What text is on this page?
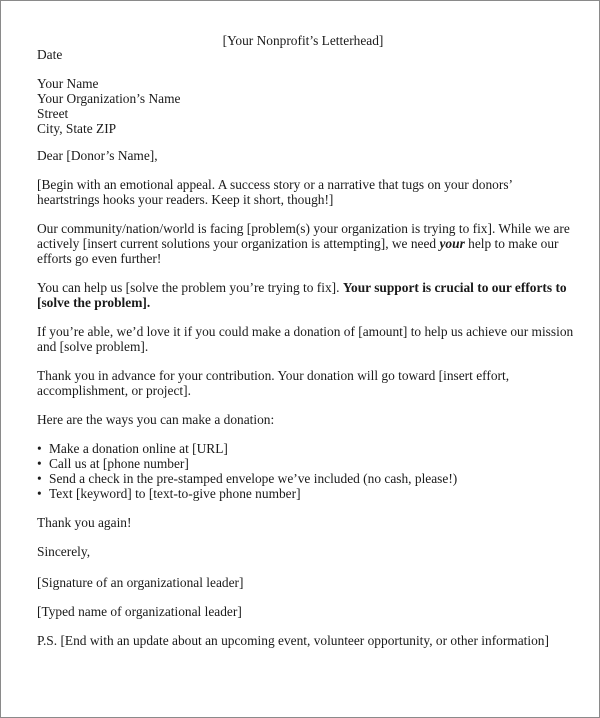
[Your Nonprofit’s Letterhead]

Date

Your Name
Your Organization’s Name
Street
City, State ZIP

Dear [Donor’s Name],

[Begin with an emotional appeal. A success story or a narrative that tugs on your donors’ heartstrings hooks your readers. Keep it short, though!]

Our community/nation/world is facing [problem(s) your organization is trying to fix]. While we are actively [insert current solutions your organization is attempting], we need your help to make our efforts go even further!

You can help us [solve the problem you’re trying to fix]. Your support is crucial to our efforts to [solve the problem].

If you’re able, we’d love it if you could make a donation of [amount] to help us achieve our mission and [solve problem].

Thank you in advance for your contribution. Your donation will go toward [insert effort, accomplishment, or project].

Here are the ways you can make a donation:

• Make a donation online at [URL]
• Call us at [phone number]
• Send a check in the pre-stamped envelope we’ve included (no cash, please!)
• Text [keyword] to [text-to-give phone number]

Thank you again!

Sincerely,

[Signature of an organizational leader]

[Typed name of organizational leader]

P.S. [End with an update about an upcoming event, volunteer opportunity, or other information]
